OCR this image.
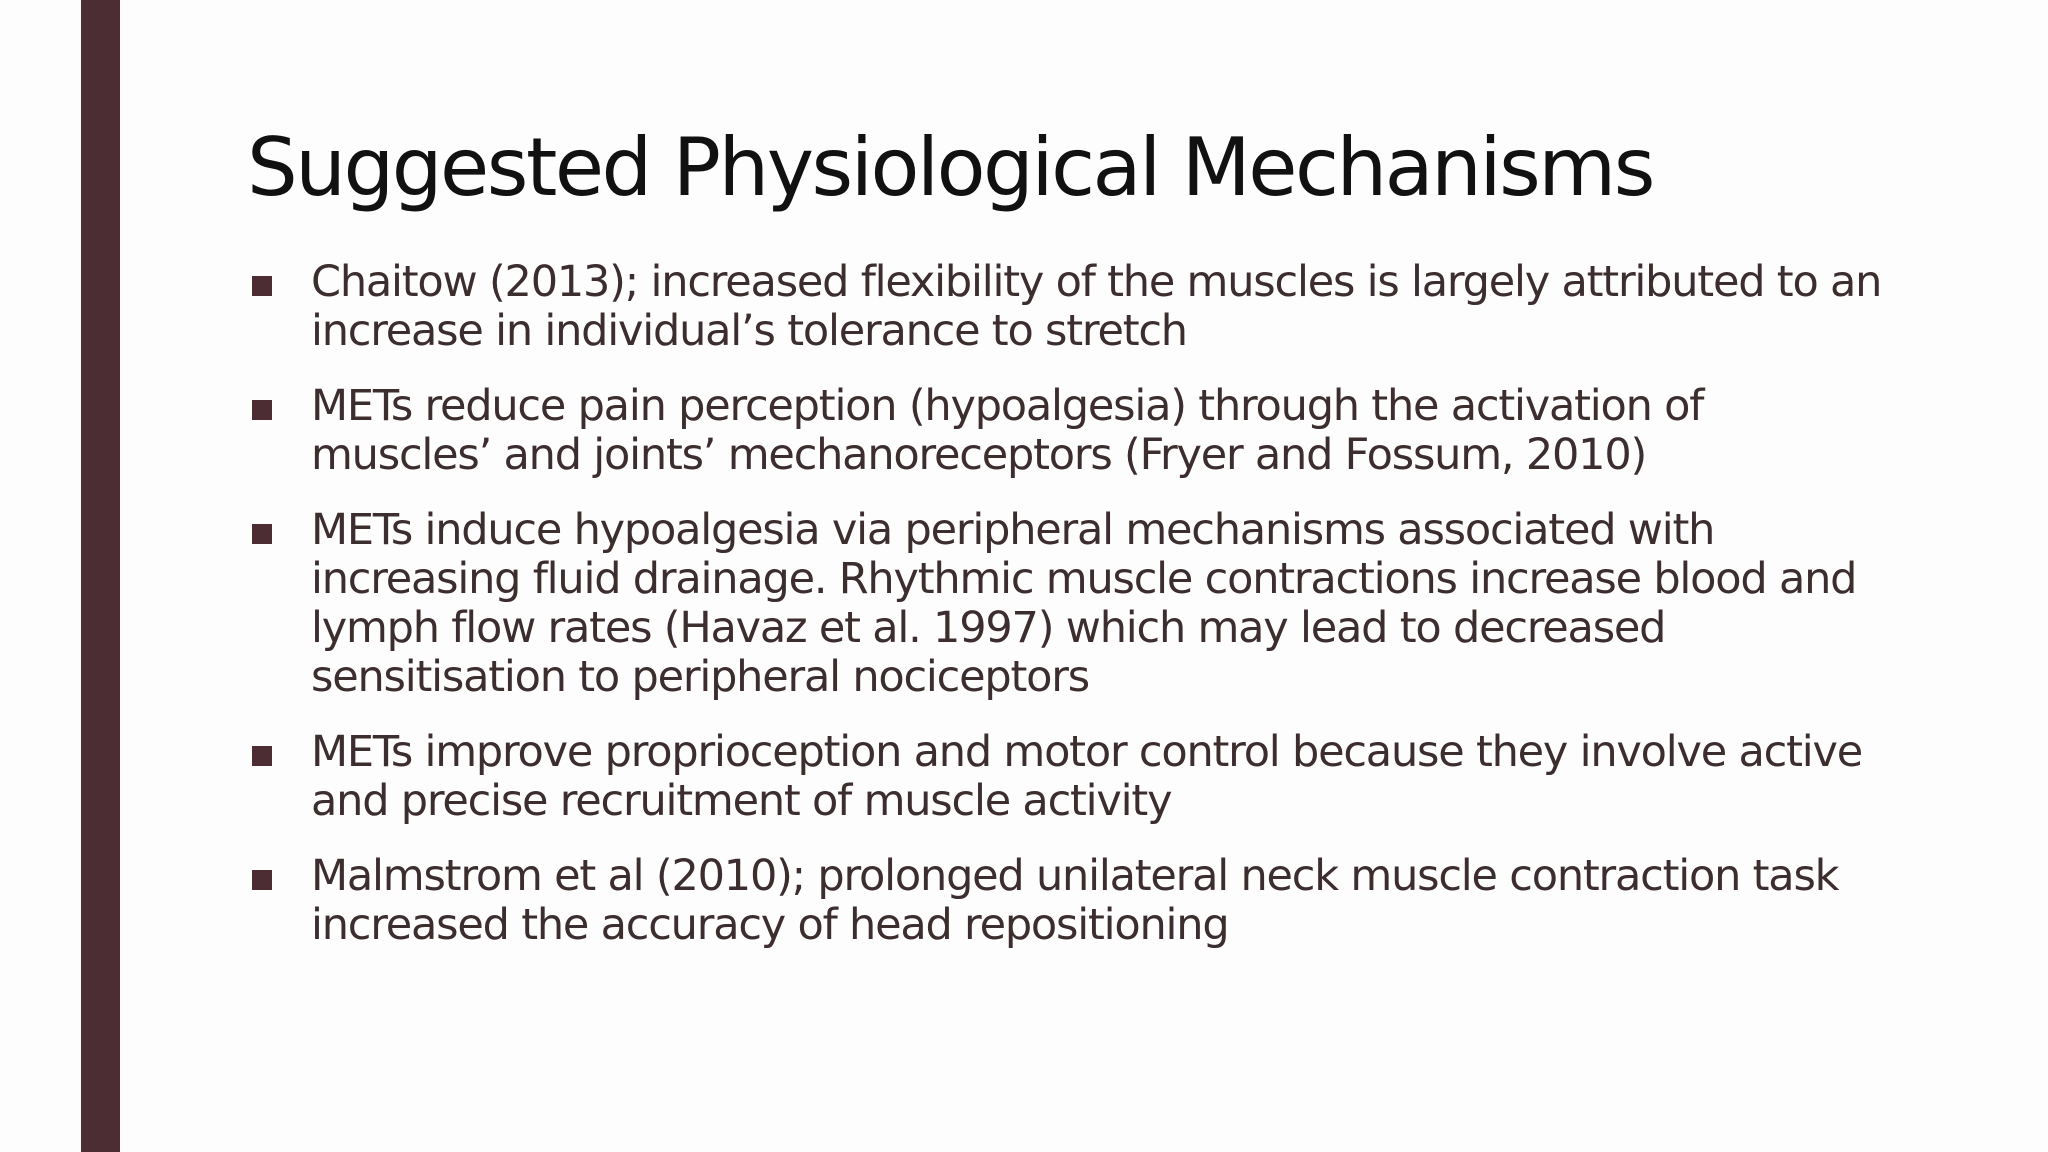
Suggested Physiological Mechanisms
Chaitow (2013); increased flexibility of the muscles is largely attributed to an increase in individual’s tolerance to stretch
METs reduce pain perception (hypoalgesia) through the activation of muscles’ and joints’ mechanoreceptors (Fryer and Fossum, 2010)
METs induce hypoalgesia via peripheral mechanisms associated with increasing fluid drainage. Rhythmic muscle contractions increase blood and lymph flow rates (Havaz et al. 1997) which may lead to decreased sensitisation to peripheral nociceptors
METs improve proprioception and motor control because they involve active and precise recruitment of muscle activity
Malmstrom et al (2010); prolonged unilateral neck muscle contraction task increased the accuracy of head repositioning
